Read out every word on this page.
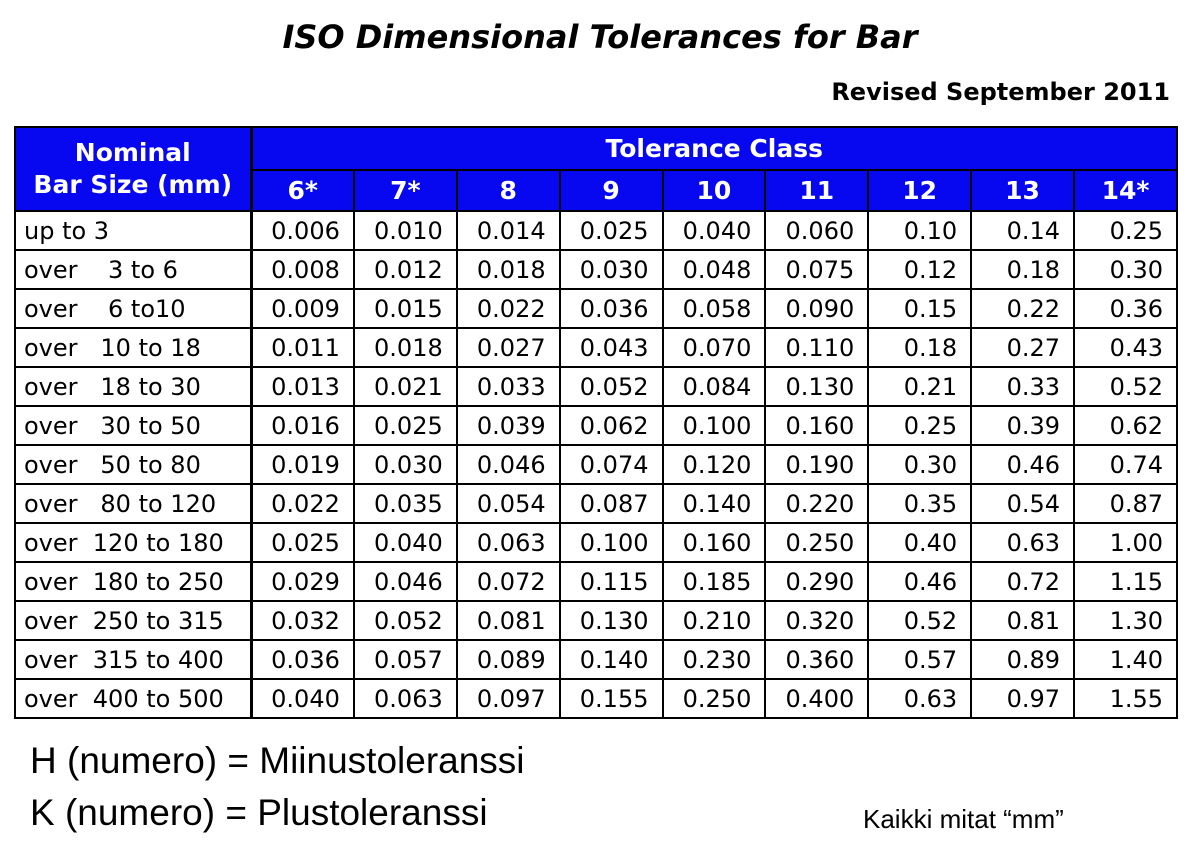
ISO Dimensional Tolerances for Bar
Revised September 2011
Nominal
Bar Size (mm)	Tolerance Class								
	6*	7*	8	9	10	11	12	13	14*
up to 3	0.006	0.010	0.014	0.025	0.040	0.060	0.10	0.14	0.25
over    3 to 6	0.008	0.012	0.018	0.030	0.048	0.075	0.12	0.18	0.30
over    6 to10	0.009	0.015	0.022	0.036	0.058	0.090	0.15	0.22	0.36
over   10 to 18	0.011	0.018	0.027	0.043	0.070	0.110	0.18	0.27	0.43
over   18 to 30	0.013	0.021	0.033	0.052	0.084	0.130	0.21	0.33	0.52
over   30 to 50	0.016	0.025	0.039	0.062	0.100	0.160	0.25	0.39	0.62
over   50 to 80	0.019	0.030	0.046	0.074	0.120	0.190	0.30	0.46	0.74
over   80 to 120	0.022	0.035	0.054	0.087	0.140	0.220	0.35	0.54	0.87
over  120 to 180	0.025	0.040	0.063	0.100	0.160	0.250	0.40	0.63	1.00
over  180 to 250	0.029	0.046	0.072	0.115	0.185	0.290	0.46	0.72	1.15
over  250 to 315	0.032	0.052	0.081	0.130	0.210	0.320	0.52	0.81	1.30
over  315 to 400	0.036	0.057	0.089	0.140	0.230	0.360	0.57	0.89	1.40
over  400 to 500	0.040	0.063	0.097	0.155	0.250	0.400	0.63	0.97	1.55
H (numero) = Miinustoleranssi
K (numero) = Plustoleranssi	Kaikki mitat “mm”
